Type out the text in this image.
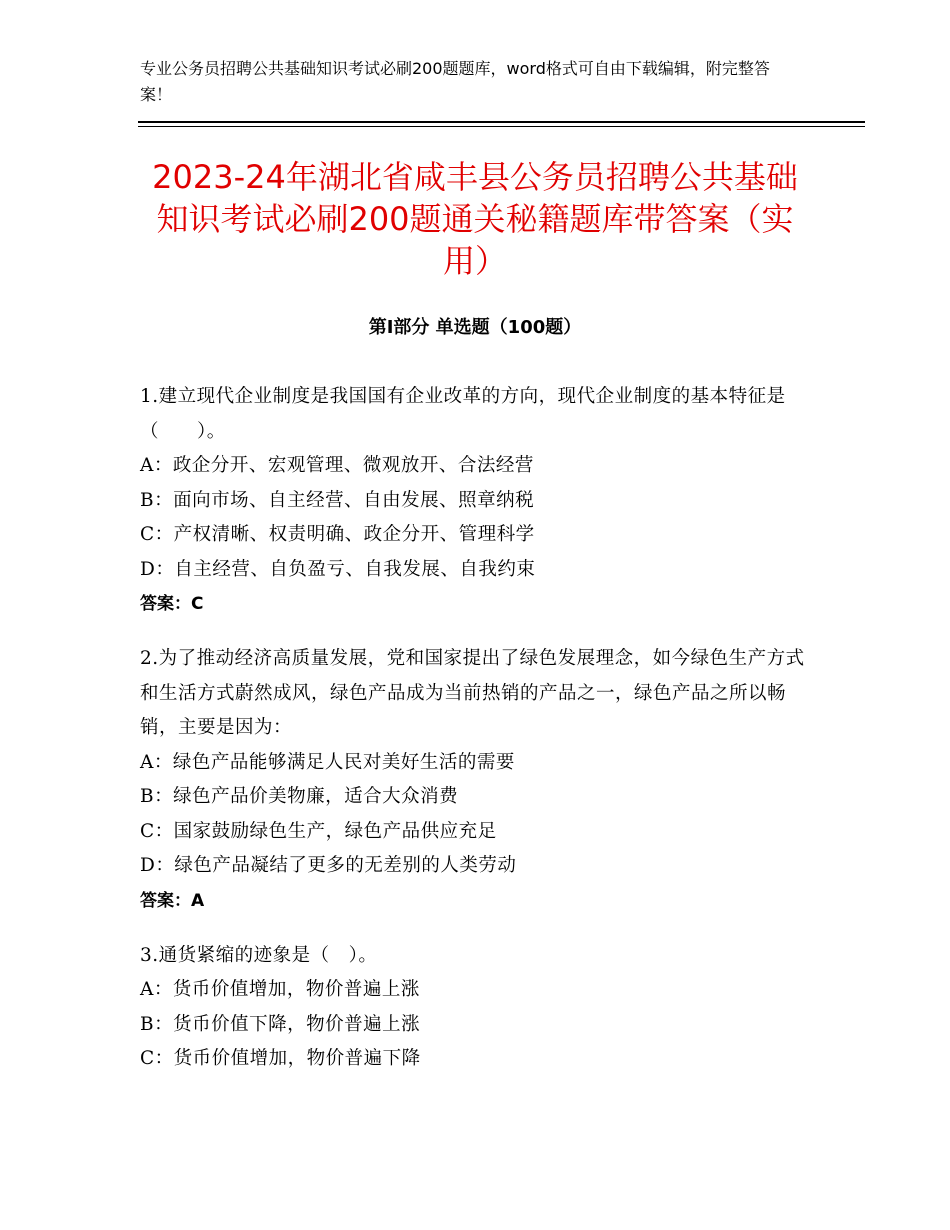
专业公务员招聘公共基础知识考试必刷200题题库，word格式可自由下载编辑，附完整答案！
2023-24年湖北省咸丰县公务员招聘公共基础知识考试必刷200题通关秘籍题库带答案（实用）
第Ⅰ部分 单选题（100题）
1.建立现代企业制度是我国国有企业改革的方向，现代企业制度的基本特征是（　　）。
A：政企分开、宏观管理、微观放开、合法经营
B：面向市场、自主经营、自由发展、照章纳税
C：产权清晰、权责明确、政企分开、管理科学
D：自主经营、自负盈亏、自我发展、自我约束
答案：C
2.为了推动经济高质量发展，党和国家提出了绿色发展理念，如今绿色生产方式和生活方式蔚然成风，绿色产品成为当前热销的产品之一，绿色产品之所以畅销，主要是因为：
A：绿色产品能够满足人民对美好生活的需要
B：绿色产品价美物廉，适合大众消费
C：国家鼓励绿色生产，绿色产品供应充足
D：绿色产品凝结了更多的无差别的人类劳动
答案：A
3.通货紧缩的迹象是（　）。
A：货币价值增加，物价普遍上涨
B：货币价值下降，物价普遍上涨
C：货币价值增加，物价普遍下降
